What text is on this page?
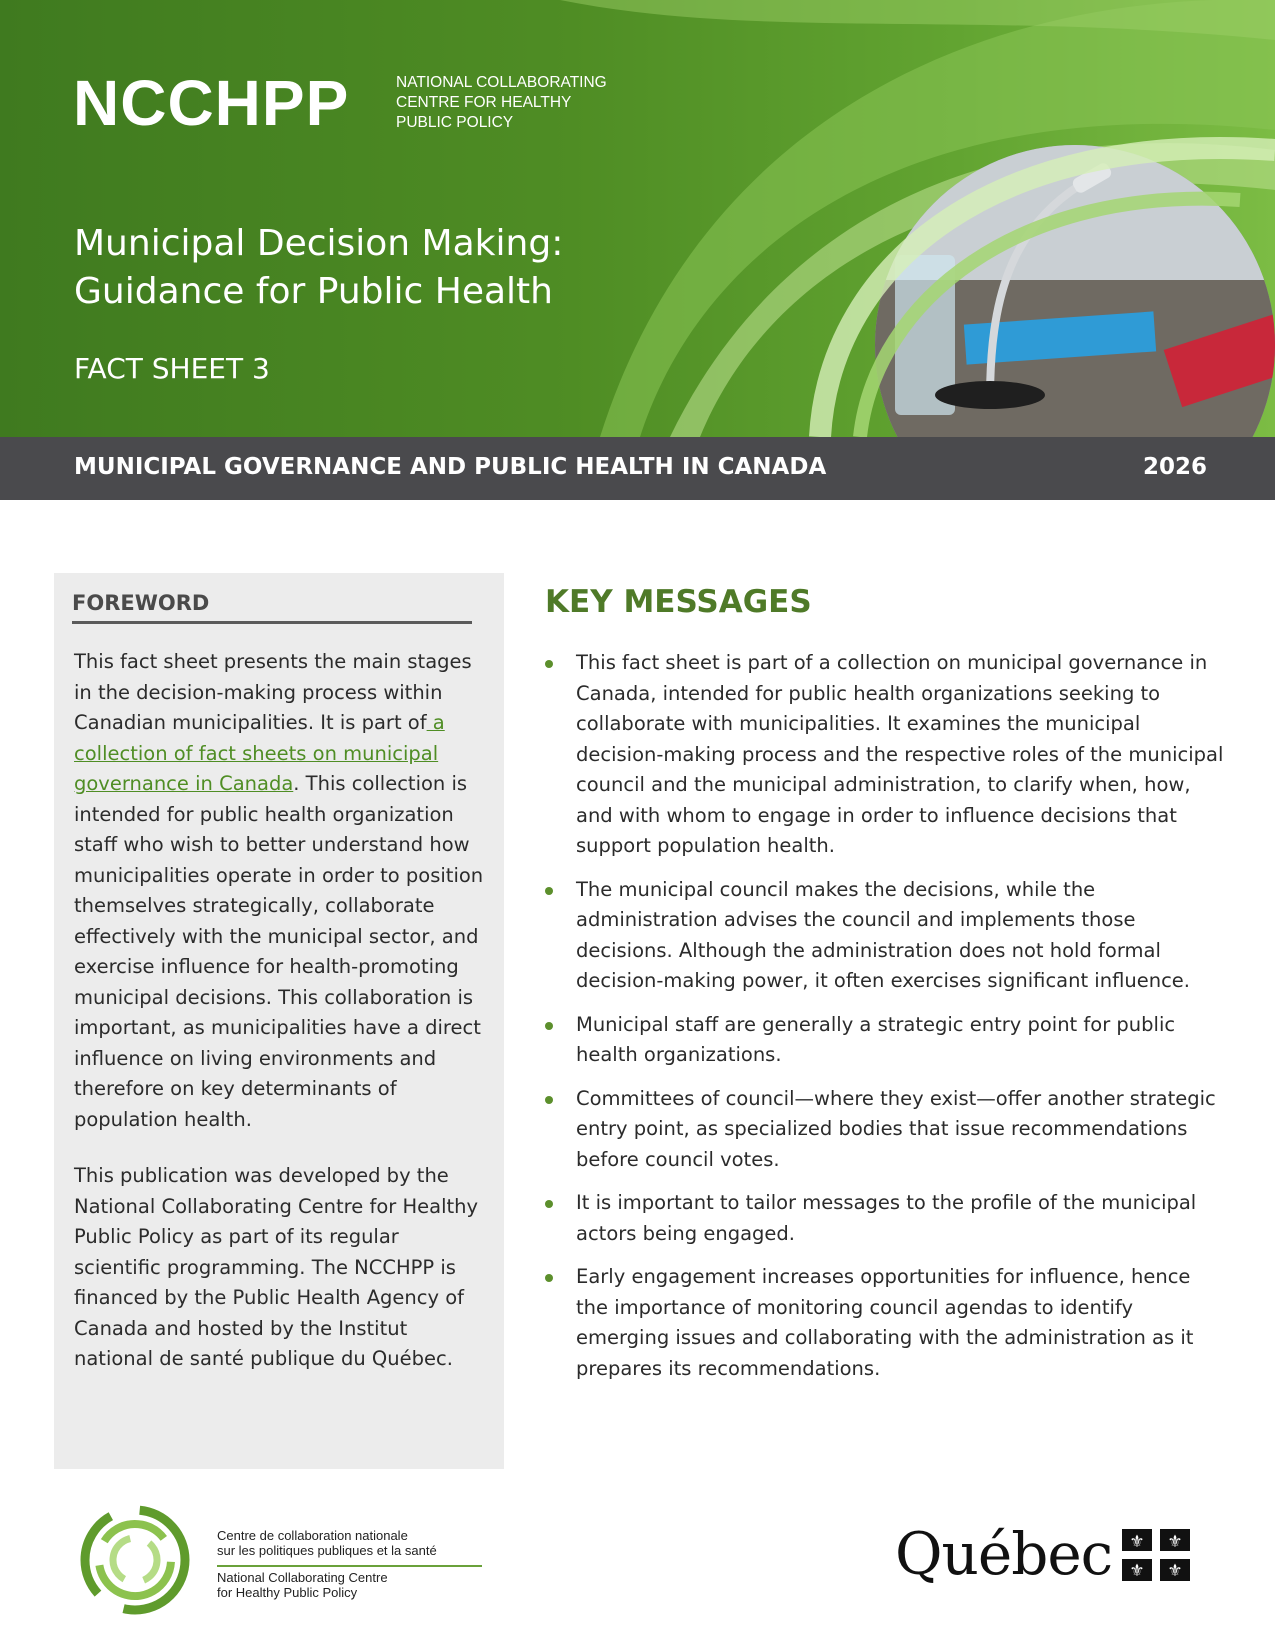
NCCHPP	NATIONAL COLLABORATING
CENTRE FOR HEALTHY
PUBLIC POLICY
Municipal Decision Making:
Guidance for Public Health
FACT SHEET 3
MUNICIPAL GOVERNANCE AND PUBLIC HEALTH IN CANADA	2026
FOREWORD

This fact sheet presents the main stages in the decision-making process within Canadian municipalities. It is part of a collection of fact sheets on municipal governance in Canada. This collection is intended for public health organization staff who wish to better understand how municipalities operate in order to position themselves strategically, collaborate effectively with the municipal sector, and exercise influence for health-promoting municipal decisions. This collaboration is important, as municipalities have a direct influence on living environments and therefore on key determinants of population health.

This publication was developed by the National Collaborating Centre for Healthy Public Policy as part of its regular scientific programming. The NCCHPP is financed by the Public Health Agency of Canada and hosted by the Institut national de santé publique du Québec.

KEY MESSAGES
This fact sheet is part of a collection on municipal governance in Canada, intended for public health organizations seeking to collaborate with municipalities. It examines the municipal decision-making process and the respective roles of the municipal council and the municipal administration, to clarify when, how, and with whom to engage in order to influence decisions that support population health.
The municipal council makes the decisions, while the administration advises the council and implements those decisions. Although the administration does not hold formal decision-making power, it often exercises significant influence.
Municipal staff are generally a strategic entry point for public health organizations.
Committees of council—where they exist—offer another strategic entry point, as specialized bodies that issue recommendations before council votes.
It is important to tailor messages to the profile of the municipal actors being engaged.
Early engagement increases opportunities for influence, hence the importance of monitoring council agendas to identify emerging issues and collaborating with the administration as it prepares its recommendations.
Centre de collaboration nationale
sur les politiques publiques et la santé
National Collaborating Centre
for Healthy Public Policy
Québec ⚜ ⚜
⚜ ⚜
